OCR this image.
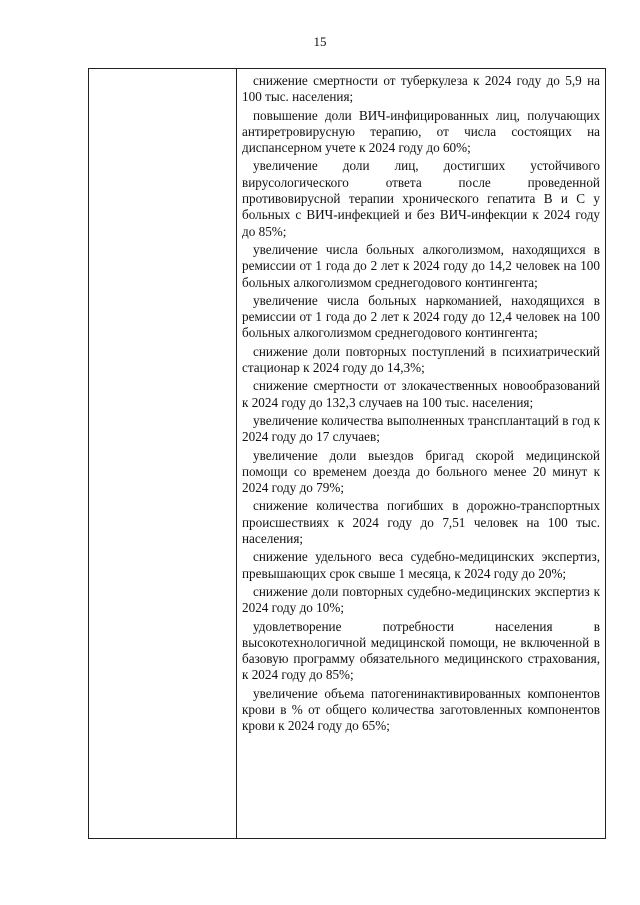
15

снижение смертности от туберкулеза к 2024 году до 5,9 на 100 тыс. населения;

повышение доли ВИЧ-инфицированных лиц, получающих антиретровирусную терапию, от числа состоящих на диспансерном учете к 2024 году до 60%;

увеличение доли лиц, достигших устойчивого вирусологического ответа после проведенной противовирусной терапии хронического гепатита В и С у больных с ВИЧ-инфекцией и без ВИЧ-инфекции к 2024 году до 85%;

увеличение числа больных алкоголизмом, находящихся в ремиссии от 1 года до 2 лет к 2024 году до 14,2 человек на 100 больных алкоголизмом среднегодового контингента;

увеличение числа больных наркоманией, находящихся в ремиссии от 1 года до 2 лет к 2024 году до 12,4 человек на 100 больных алкоголизмом среднегодового контингента;

снижение доли повторных поступлений в психиатрический стационар к 2024 году до 14,3%;

снижение смертности от злокачественных новообразований к 2024 году до 132,3 случаев на 100 тыс. населения;

увеличение количества выполненных трансплантаций в год к 2024 году до 17 случаев;

увеличение доли выездов бригад скорой медицинской помощи со временем доезда до больного менее 20 минут к 2024 году до 79%;

снижение количества погибших в дорожно-транспортных происшествиях к 2024 году до 7,51 человек на 100 тыс. населения;

снижение удельного веса судебно-медицинских экспертиз, превышающих срок свыше 1 месяца, к 2024 году до 20%;

снижение доли повторных судебно-медицинских экспертиз к 2024 году до 10%;

удовлетворение потребности населения в высокотехнологичной медицинской помощи, не включенной в базовую программу обязательного медицинского страхования, к 2024 году до 85%;

увеличение объема патогенинактивированных компонентов крови в % от общего количества заготовленных компонентов крови к 2024 году до 65%;
